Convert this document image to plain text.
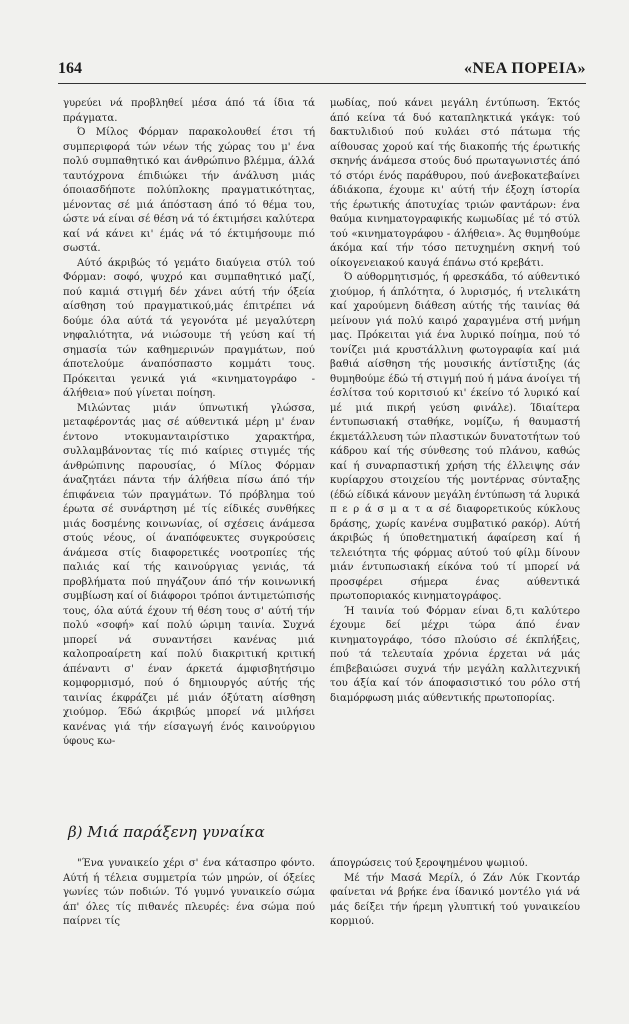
164	«ΝΕΑ ΠΟΡΕΙΑ»

γυρεύει νά προβληθεί μέσα άπό τά ίδια τά πράγματα.

Ό Μίλος Φόρμαν παρακολουθεί έτσι τή συμπεριφορά τών νέων τής χώρας του μ' ένα πολύ συμπαθητικό και άνθρώπινο βλέμμα, άλλά ταυτόχρονα έπιδιώκει τήν άνάλυση μιάς όποιασδήποτε πολύπλοκης πραγματικότητας, μένοντας σέ μιά άπόσταση άπό τό θέμα του, ώστε νά είναι σέ θέση νά τό έκτιμήσει καλύτερα καί νά κάνει κι' έμάς νά τό έκτιμήσουμε πιό σωστά.

Αύτό άκριβώς τό γεμάτο διαύγεια στύλ τού Φόρμαν: σοφό, ψυχρό και συμπαθητικό μαζί, πού καμιά στιγμή δέν χάνει αύτή τήν όξεία αίσθηση τού πραγματικού,μάς έπιτρέπει νά δούμε όλα αύτά τά γεγονότα μέ μεγαλύτερη νηφαλιότητα, νά νιώσουμε τή γεύση καί τή σημασία τών καθημερινών πραγμάτων, πού άποτελούμε άναπόσπαστο κομμάτι τους. Πρόκειται γενικά γιά «κινηματογράφο - άλήθεια» πού γίνεται ποίηση.

Μιλώντας μιάν ύπνωτική γλώσσα, μεταφέροντάς μας σέ αύθεντικά μέρη μ' έναν έντονο ντοκυμανταιρίστικο χαρακτήρα, συλλαμβάνοντας τίς πιό καίριες στιγμές τής άνθρώπινης παρουσίας, ό Μίλος Φόρμαν άναζητάει πάντα τήν άλήθεια πίσω άπό τήν έπιφάνεια τών πραγμάτων. Τό πρόβλημα τού έρωτα σέ συνάρτηση μέ τίς είδικές συνθήκες μιάς δοσμένης κοινωνίας, οί σχέσεις άνάμεσα στούς νέους, οί άναπόφευκτες συγκρούσεις άνάμεσα στίς διαφορετικές νοοτροπίες τής παλιάς καί τής καινούργιας γενιάς, τά προβλήματα πού πηγάζουν άπό τήν κοινωνική συμβίωση καί οί διάφοροι τρόποι άντιμετώπισής τους, όλα αύτά έχουν τή θέση τους σ' αύτή τήν πολύ «σοφή» καί πολύ ώριμη ταινία. Συχνά μπορεί νά συναντήσει κανένας μιά καλοπροαίρετη καί πολύ διακριτική κριτική άπέναντι σ' έναν άρκετά άμφισβητήσιμο κομφορμισμό, πού ό δημιουργός αύτής τής ταινίας έκφράζει μέ μιάν όξύτατη αίσθηση χιούμορ. Έδώ άκριβώς μπορεί νά μιλήσει κανένας γιά τήν είσαγωγή ένός καινούργιου ύφους κω-

μωδίας, πού κάνει μεγάλη έντύπωση. Έκτός άπό κείνα τά δυό καταπληκτικά γκάγκ: τού δακτυλιδιού πού κυλάει στό πάτωμα τής αίθουσας χορού καί τής διακοπής τής έρωτικής σκηνής άνάμεσα στούς δυό πρωταγωνιστές άπό τό στόρι ένός παράθυρου, πού άνεβοκατεβαίνει άδιάκοπα, έχουμε κι' αύτή τήν έξοχη ίστορία τής έρωτικής άποτυχίας τριών φαντάρων: ένα θαύμα κινηματογραφικής κωμωδίας μέ τό στύλ τού «κινηματογράφου - άλήθεια». Άς θυμηθούμε άκόμα καί τήν τόσο πετυχημένη σκηνή τού οίκογενειακού καυγά έπάνω στό κρεβάτι.

Ό αύθορμητισμός, ή φρεσκάδα, τό αύθεντικό χιούμορ, ή άπλότητα, ό λυρισμός, ή ντελικάτη καί χαρούμενη διάθεση αύτής τής ταινίας θά μείνουν γιά πολύ καιρό χαραγμένα στή μνήμη μας. Πρόκειται γιά ένα λυρικό ποίημα, πού τό τονίζει μιά κρυστάλλινη φωτογραφία καί μιά βαθιά αίσθηση τής μουσικής άντίστιξης (άς θυμηθούμε έδώ τή στιγμή πού ή μάνα άνοίγει τή έσλίτσα τού κοριτσιού κι' έκείνο τό λυρικό καί μέ μιά πικρή γεύση φινάλε). Ίδιαίτερα έντυπωσιακή σταθήκε, νομίζω, ή θαυμαστή έκμετάλλευση τών πλαστικών δυνατοτήτων τού κάδρου καί τής σύνθεσης τού πλάνου, καθώς καί ή συναρπαστική χρήση τής έλλειψης σάν κυρίαρχου στοιχείου τής μοντέρνας σύνταξης (έδώ είδικά κάνουν μεγάλη έντύπωση τά λυρικά π ε ρ ά σ μ α τ α σέ διαφορετικούς κύκλους δράσης, χωρίς κανένα συμβατικό ρακόρ). Αύτή άκριβώς ή ύποθετηματική άφαίρεση καί ή τελειότητα τής φόρμας αύτού τού φίλμ δίνουν μιάν έντυπωσιακή είκόνα τού τί μπορεί νά προσφέρει σήμερα ένας αύθεντικά πρωτοποριακός κινηματογράφος.

Ή ταινία τού Φόρμαν είναι δ,τι καλύτερο έχουμε δεί μέχρι τώρα άπό έναν κινηματογράφο, τόσο πλούσιο σέ έκπλήξεις, πού τά τελευταία χρόνια έρχεται νά μάς έπιβεβαιώσει συχνά τήν μεγάλη καλλιτεχνική του άξία καί τόν άποφασιστικό του ρόλο στή διαμόρφωση μιάς αύθεντικής πρωτοπορίας.

β) Μιά παράξενη γυναίκα

"Ένα γυναικείο χέρι σ' ένα κάτασπρο φόντο. Αύτή ή τέλεια συμμετρία τών μηρών, οί όξείες γωνίες τών ποδιών. Τό γυμνό γυναικείο σώμα άπ' όλες τίς πιθανές πλευρές: ένα σώμα πού παίρνει τίς

άπογρώσεις τού ξεροψημένου ψωμιού.

Μέ τήν Μασά Μερίλ, ό Ζάν Λύκ Γκοντάρ φαίνεται νά βρήκε ένα ίδανικό μοντέλο γιά νά μάς δείξει τήν ήρεμη γλυπτική τού γυναικείου κορμιού.
